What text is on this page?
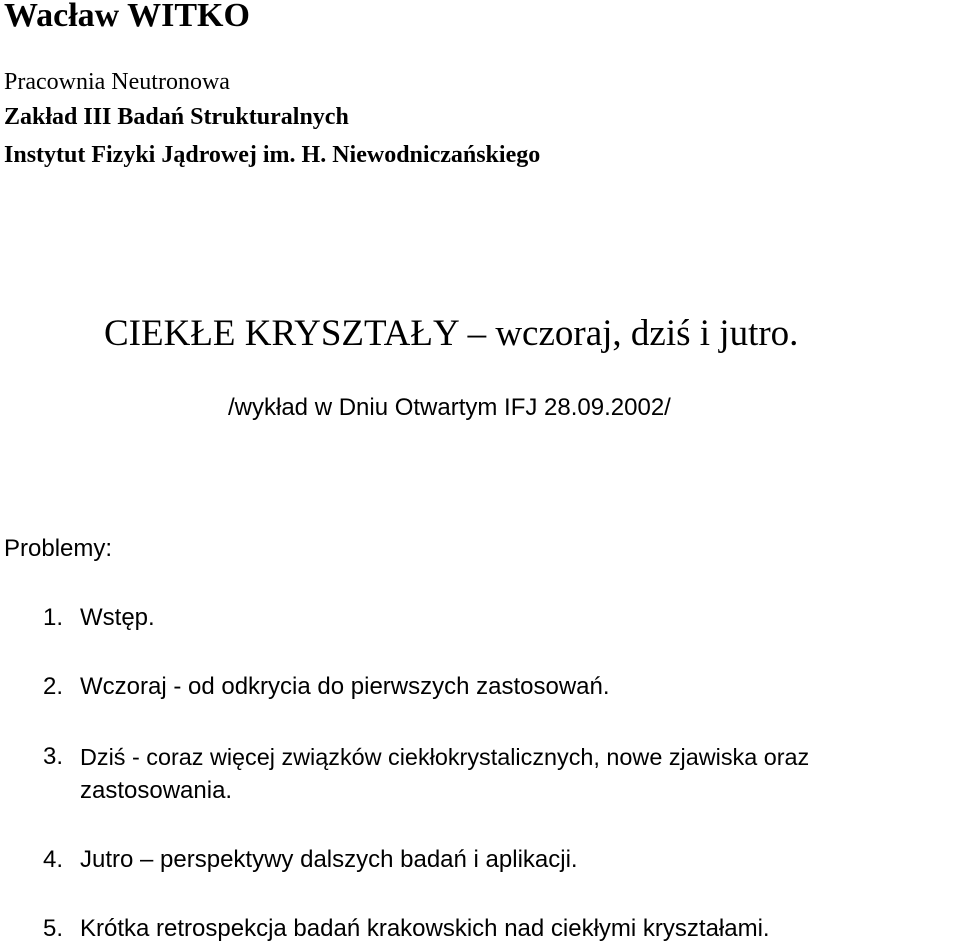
Wacław WITKO
Pracownia Neutronowa
Zakład III Badań Strukturalnych
Instytut Fizyki Jądrowej im. H. Niewodniczańskiego
CIEKŁE KRYSZTAŁY – wczoraj, dziś i jutro.
/wykład w Dniu Otwartym IFJ 28.09.2002/
Problemy:
1. Wstęp.
2. Wczoraj - od odkrycia do pierwszych zastosowań.
3. Dziś - coraz więcej związków ciekłokrystalicznych, nowe zjawiska oraz
zastosowania.
4. Jutro – perspektywy dalszych badań i aplikacji.
5. Krótka retrospekcja badań krakowskich nad ciekłymi kryształami.
